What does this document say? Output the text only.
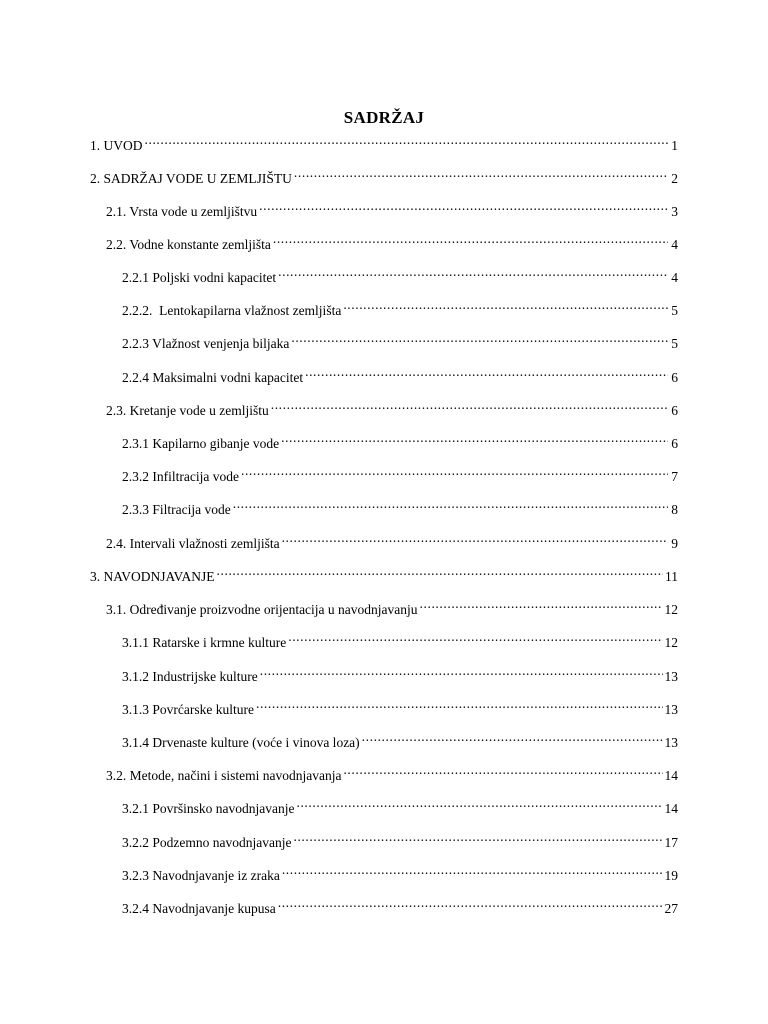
SADRŽAJ
1. UVOD .....	1
2. SADRŽAJ VODE U ZEMLJIŠTU .....	2
2.1. Vrsta vode u zemljištvu .....	3
2.2. Vodne konstante zemljišta .....	4
2.2.1 Poljski vodni kapacitet .....	4
2.2.2.  Lentokapilarna vlažnost zemljišta .....	5
2.2.3 Vlažnost venjenja biljaka .....	5
2.2.4 Maksimalni vodni kapacitet .....	6
2.3. Kretanje vode u zemljištu .....	6
2.3.1 Kapilarno gibanje vode .....	6
2.3.2 Infiltracija vode .....	7
2.3.3 Filtracija vode .....	8
2.4. Intervali vlažnosti zemljišta .....	9
3. NAVODNJAVANJE .....	11
3.1. Određivanje proizvodne orijentacija u navodnjavanju .....	12
3.1.1 Ratarske i krmne kulture .....	12
3.1.2 Industrijske kulture .....	13
3.1.3 Povrćarske kulture .....	13
3.1.4 Drvenaste kulture (voće i vinova loza) .....	13
3.2. Metode, načini i sistemi navodnjavanja .....	14
3.2.1 Površinsko navodnjavanje .....	14
3.2.2 Podzemno navodnjavanje .....	17
3.2.3 Navodnjavanje iz zraka .....	19
3.2.4 Navodnjavanje kupusa .....	27
